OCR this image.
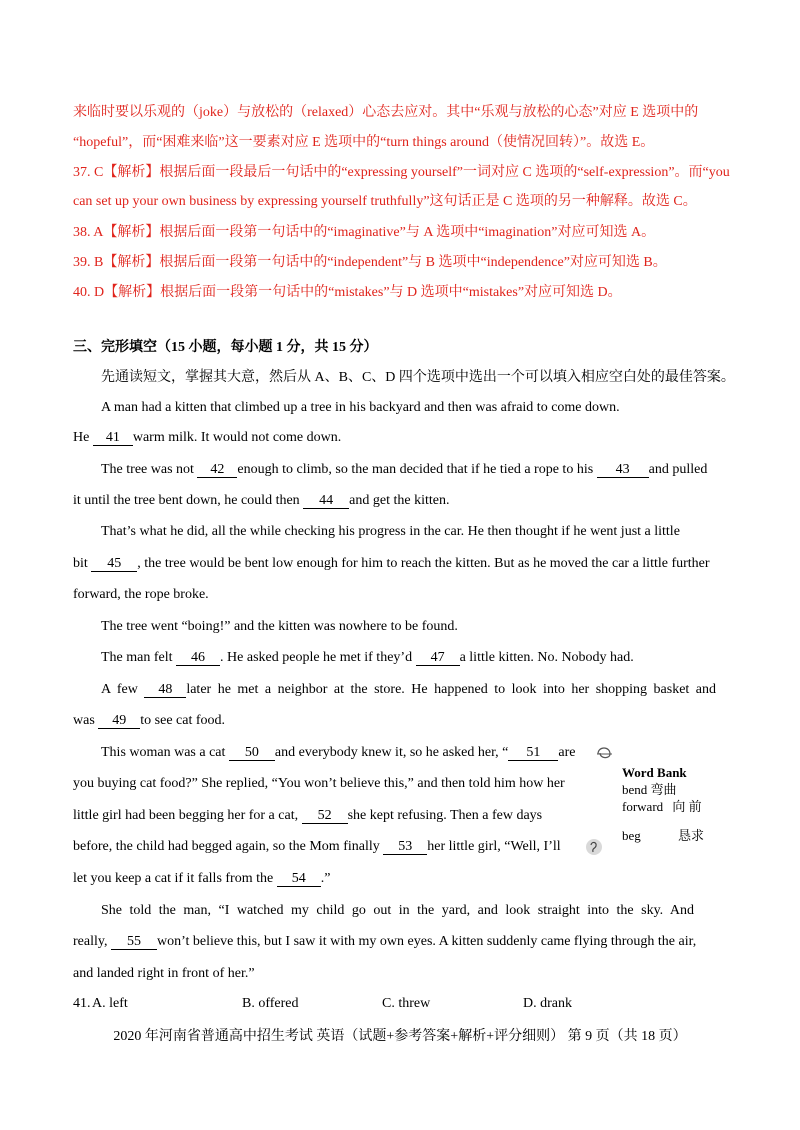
来临时要以乐观的（joke）与放松的（relaxed）心态去应对。其中“乐观与放松的心态”对应 E 选项中的
“hopeful”，而“困难来临”这一要素对应 E 选项中的“turn things around（使情况回转）”。故选 E。
37. C【解析】根据后面一段最后一句话中的“expressing yourself”一词对应 C 选项的“self-expression”。而“you
can set up your own business by expressing yourself truthfully”这句话正是 C 选项的另一种解释。故选 C。
38. A【解析】根据后面一段第一句话中的“imaginative”与 A 选项中“imagination”对应可知选 A。
39. B【解析】根据后面一段第一句话中的“independent”与 B 选项中“independence”对应可知选 B。
40. D【解析】根据后面一段第一句话中的“mistakes”与 D 选项中“mistakes”对应可知选 D。
三、完形填空（15 小题，每小题 1 分，共 15 分）
先通读短文，掌握其大意，然后从 A、B、C、D 四个选项中选出一个可以填入相应空白处的最佳答案。
A man had a kitten that climbed up a tree in his backyard and then was afraid to come down.
He 41 warm milk. It would not come down.
The tree was not 42 enough to climb, so the man decided that if he tied a rope to his 43 and pulled
it until the tree bent down, he could then 44 and get the kitten.
That’s what he did, all the while checking his progress in the car. He then thought if he went just a little
bit 45 , the tree would be bent low enough for him to reach the kitten. But as he moved the car a little further
forward, the rope broke.
The tree went “boing!” and the kitten was nowhere to be found.
The man felt 46 . He asked people he met if they’d 47 a little kitten. No. Nobody had.
A few 48 later he met a neighbor at the store. He happened to look into her shopping basket and
was 49 to see cat food.
This woman was a cat 50 and everybody knew it, so he asked her, “ 51 are
you buying cat food?” She replied, “You won’t believe this,” and then told him how her
little girl had been begging her for a cat, 52 she kept refusing. Then a few days
before, the child had begged again, so the Mom finally 53 her little girl, “Well, I’ll
let you keep a cat if it falls from the 54 .”
She told the man, “I watched my child go out in the yard, and look straight into the sky. And
really, 55 won’t believe this, but I saw it with my own eyes. A kitten suddenly came flying through the air,
and landed right in front of her.”
Word Bank
bend 弯曲
forward 向 前
beg	恳求
41. A. left	B. offered	C. threw	D. drank
2020 年河南省普通高中招生考试 英语（试题+参考答案+解析+评分细则） 第 9 页（共 18 页）
